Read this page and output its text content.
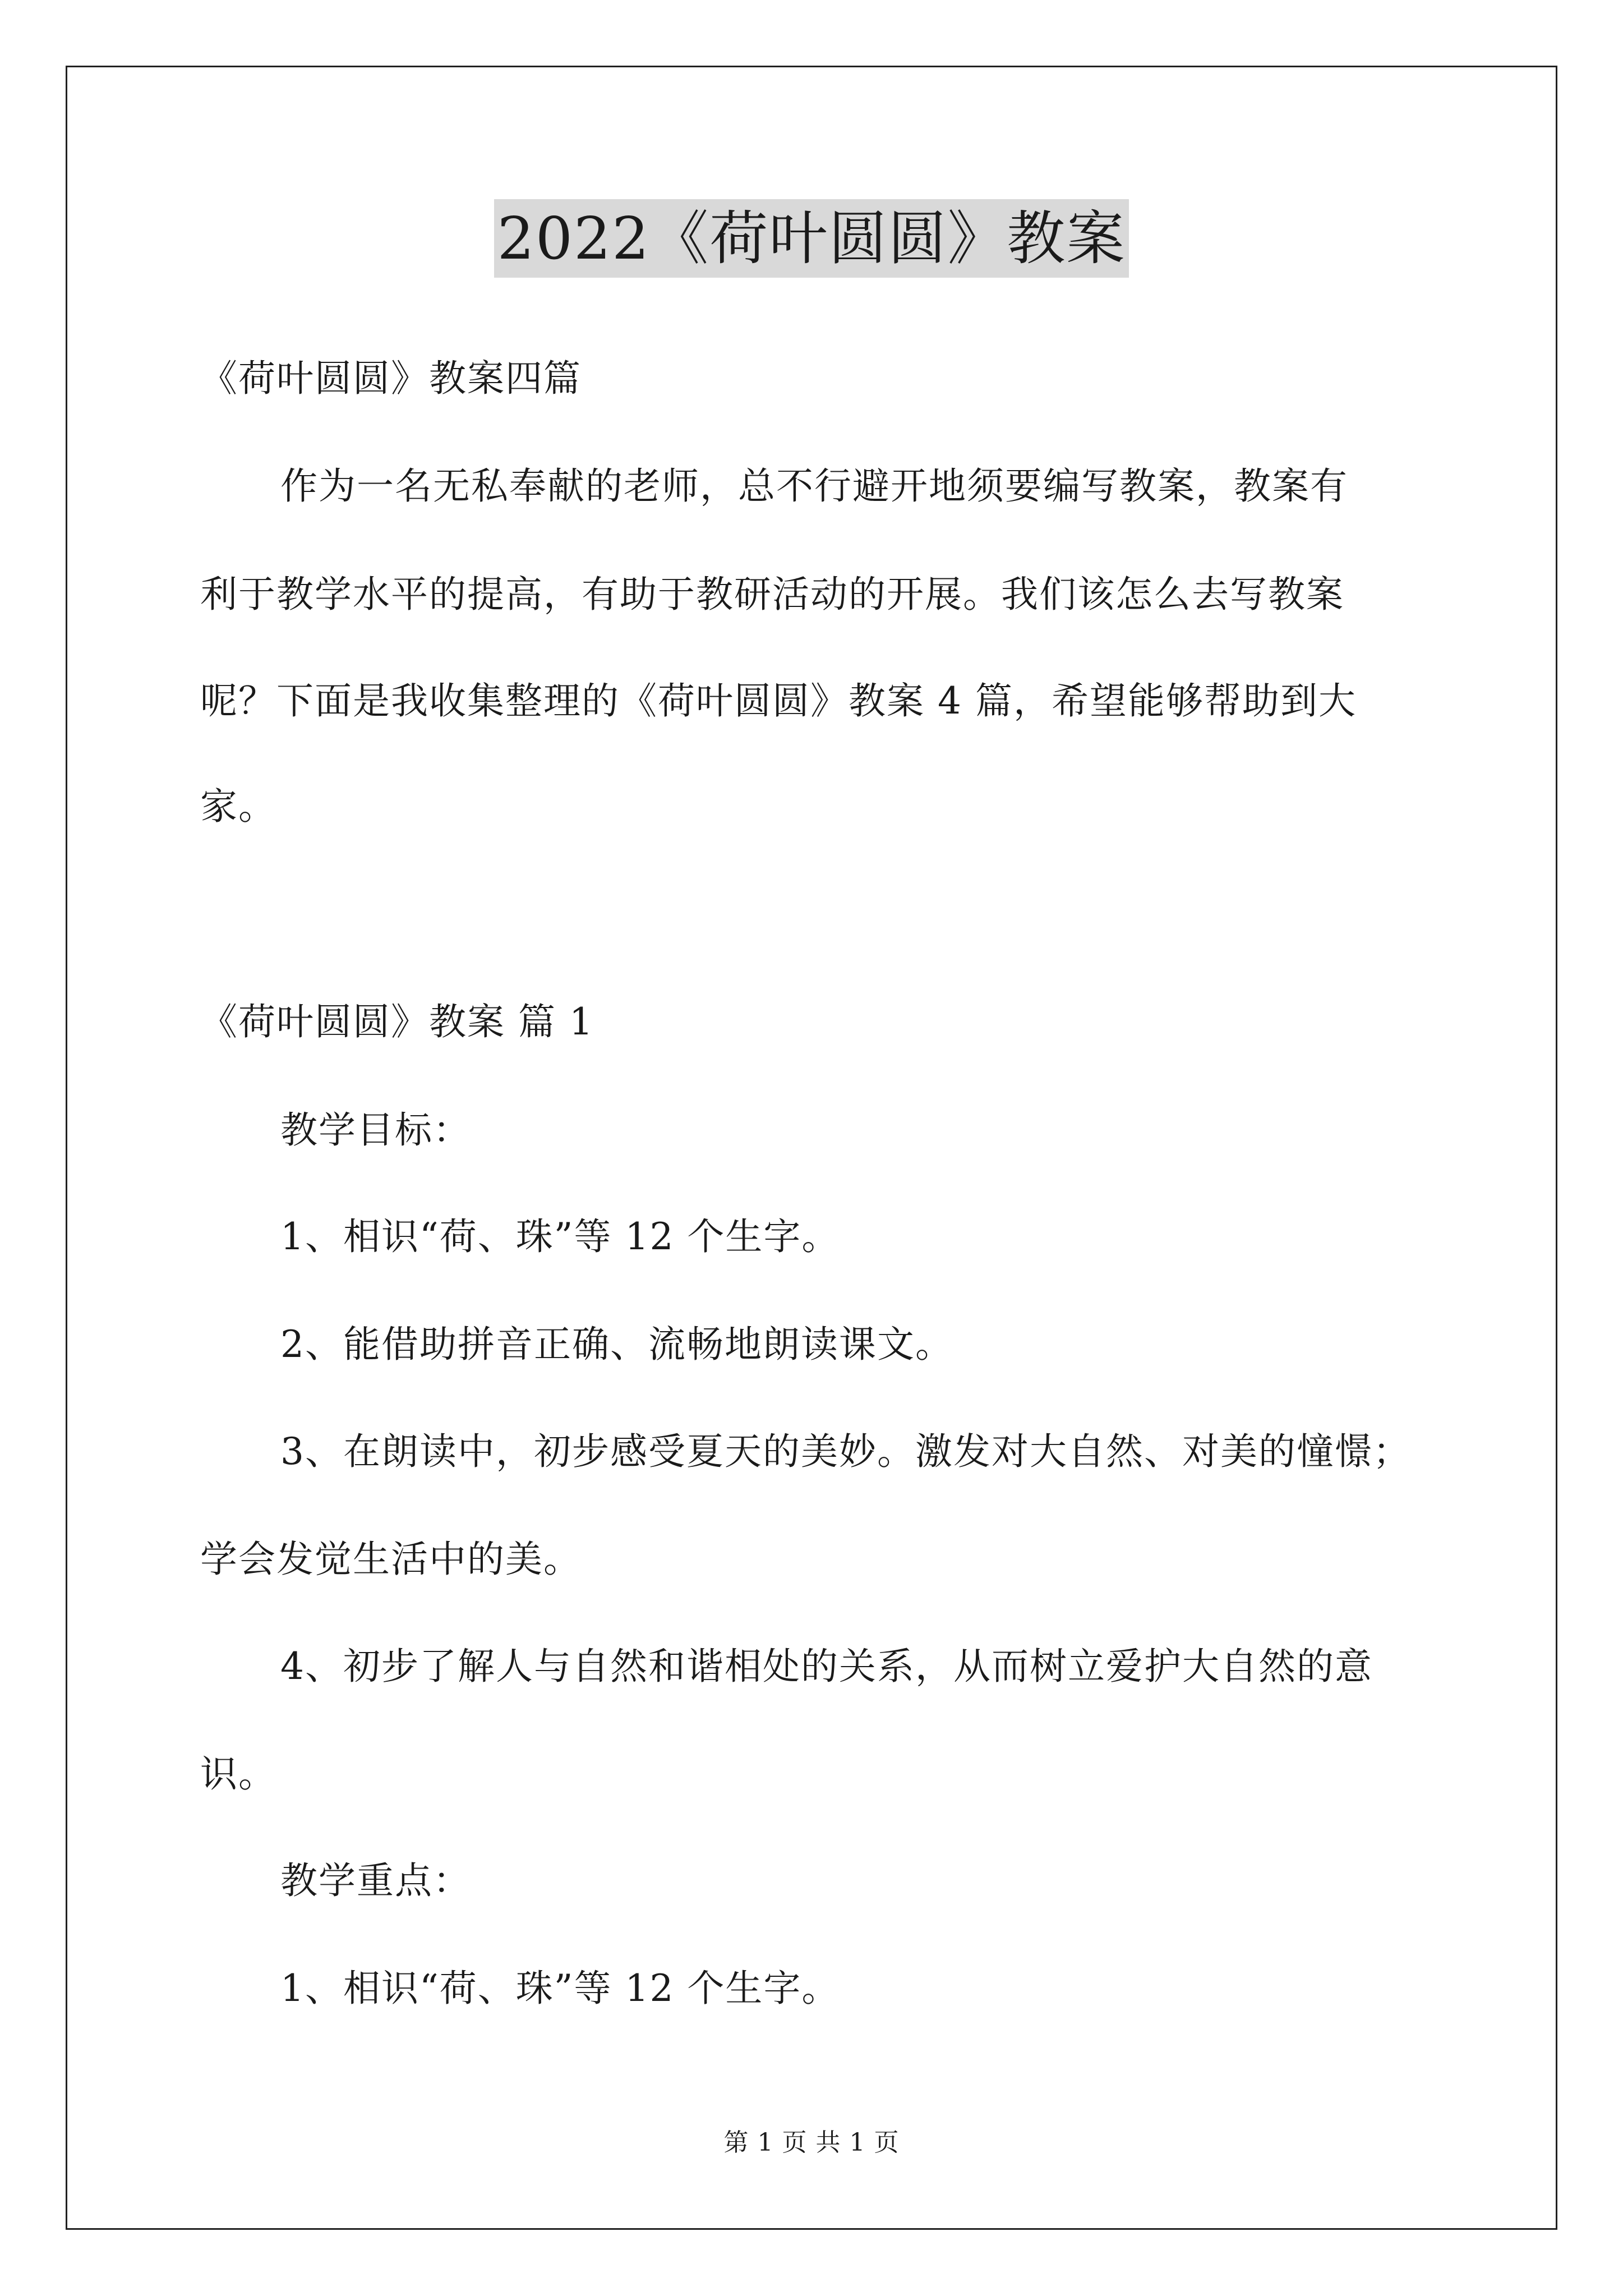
2022《荷叶圆圆》教案
《荷叶圆圆》教案四篇
作为一名无私奉献的老师，总不行避开地须要编写教案，教案有
利于教学水平的提高，有助于教研活动的开展。我们该怎么去写教案
呢？下面是我收集整理的《荷叶圆圆》教案 4 篇，希望能够帮助到大
家。
《荷叶圆圆》教案 篇 1
教学目标：
1、相识“荷、珠”等 12 个生字。
2、能借助拼音正确、流畅地朗读课文。
3、在朗读中，初步感受夏天的美妙。激发对大自然、对美的憧憬；
学会发觉生活中的美。
4、初步了解人与自然和谐相处的关系，从而树立爱护大自然的意
识。
教学重点：
1、相识“荷、珠”等 12 个生字。
第 1 页 共 1 页
